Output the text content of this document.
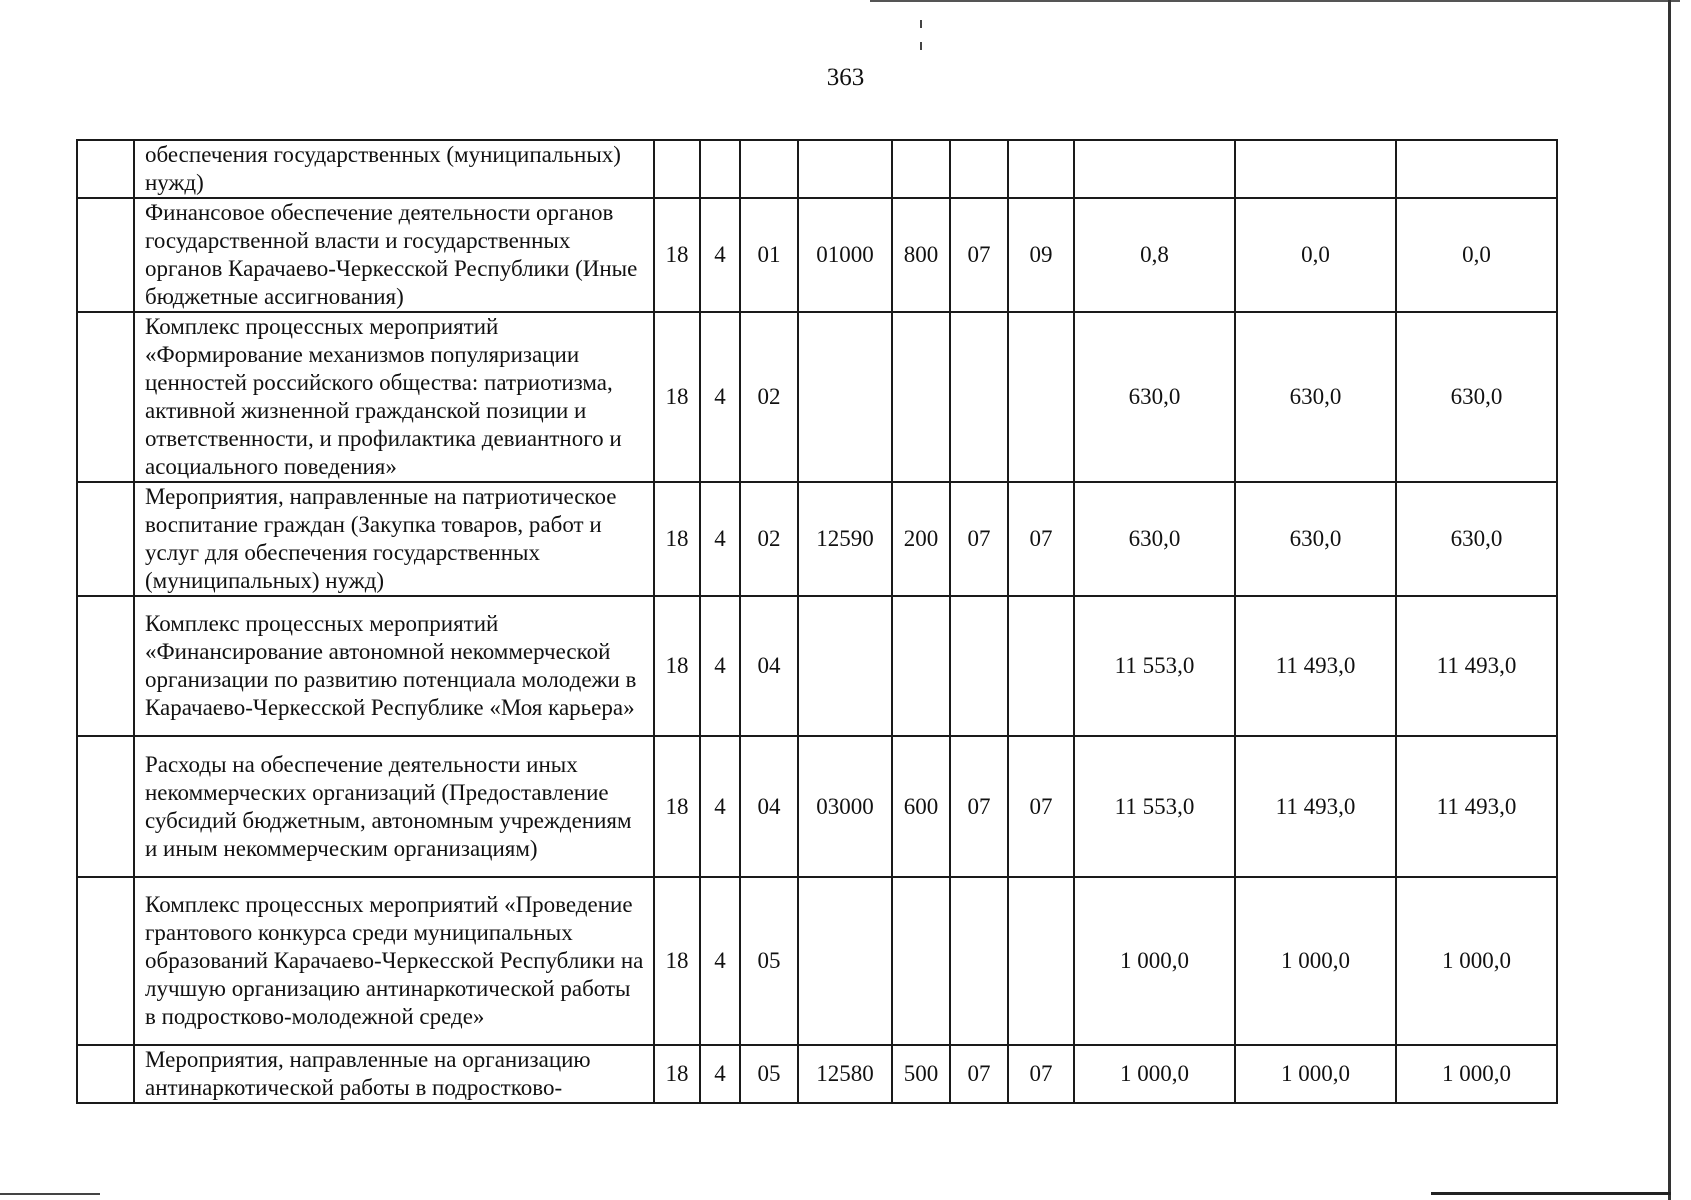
363
	обеспечения государственных (муниципальных) нужд)										
	Финансовое обеспечение деятельности органов государственной власти и государственных органов Карачаево-Черкесской Республики (Иные бюджетные ассигнования)	18	4	01	01000	800	07	09	0,8	0,0	0,0
	Комплекс процессных мероприятий «Формирование механизмов популяризации ценностей российского общества: патриотизма, активной жизненной гражданской позиции и ответственности, и профилактика девиантного и асоциального поведения»	18	4	02					630,0	630,0	630,0
	Мероприятия, направленные на патриотическое воспитание граждан (Закупка товаров, работ и услуг для обеспечения государственных (муниципальных) нужд)	18	4	02	12590	200	07	07	630,0	630,0	630,0
	Комплекс процессных мероприятий «Финансирование автономной некоммерческой организации по развитию потенциала молодежи в Карачаево-Черкесской Республике «Моя карьера»	18	4	04					11 553,0	11 493,0	11 493,0
	Расходы на обеспечение деятельности иных некоммерческих организаций (Предоставление субсидий бюджетным, автономным учреждениям и иным некоммерческим организациям)	18	4	04	03000	600	07	07	11 553,0	11 493,0	11 493,0
	Комплекс процессных мероприятий «Проведение грантового конкурса среди муниципальных образований Карачаево-Черкесской Республики на лучшую организацию антинаркотической работы в подростково-молодежной среде»	18	4	05					1 000,0	1 000,0	1 000,0
	Мероприятия, направленные на организацию антинаркотической работы в подростково-	18	4	05	12580	500	07	07	1 000,0	1 000,0	1 000,0
